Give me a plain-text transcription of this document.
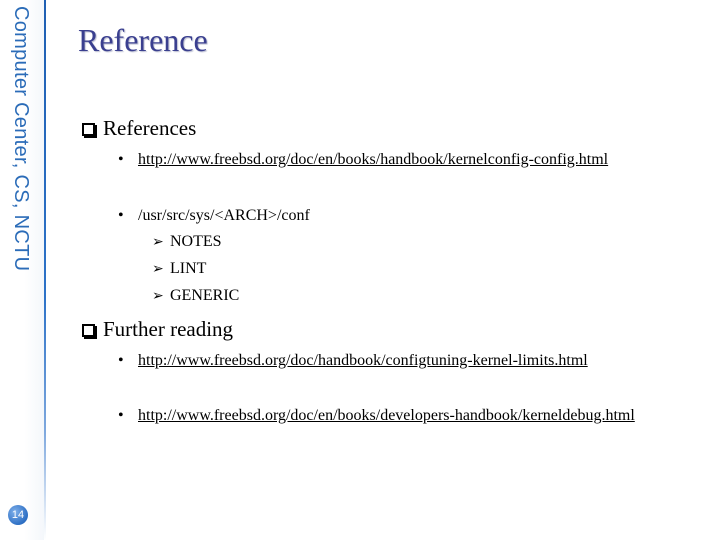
Computer Center, CS, NCTU
14
Reference
References
• http://www.freebsd.org/doc/en/books/handbook/kernelconfig-config.html
• /usr/src/sys/<ARCH>/conf
➢ NOTES
➢ LINT
➢ GENERIC
Further reading
• http://www.freebsd.org/doc/handbook/configtuning-kernel-limits.html
• http://www.freebsd.org/doc/en/books/developers-handbook/kerneldebug.html
